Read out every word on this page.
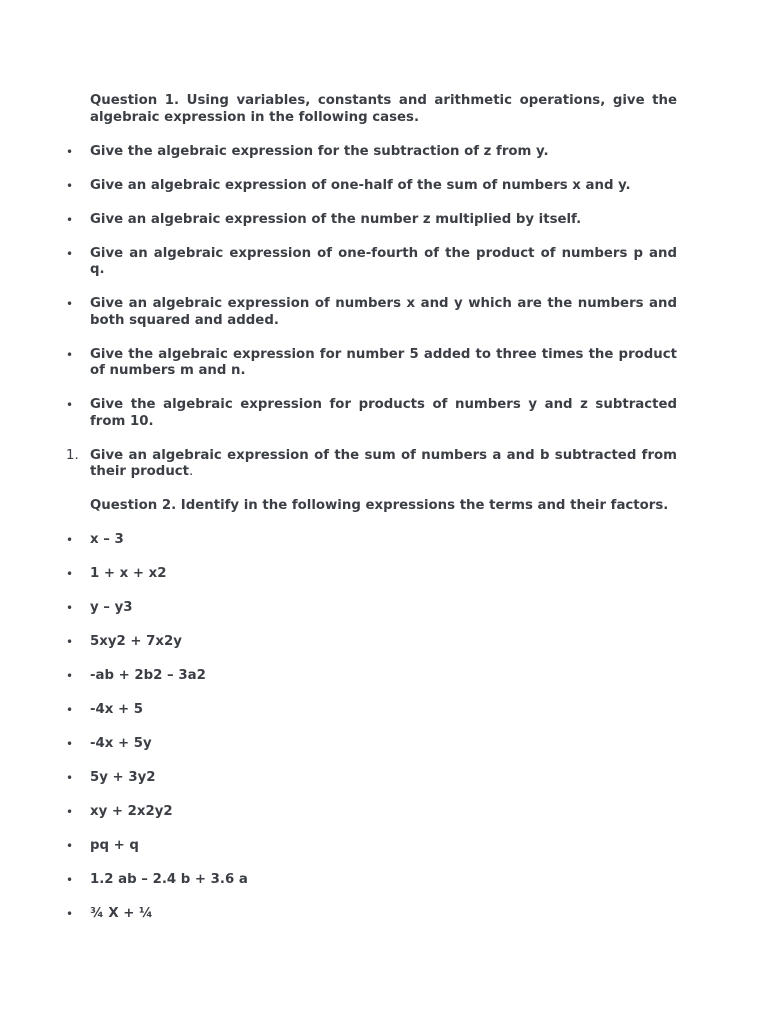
Question 1. Using variables, constants and arithmetic operations, give the algebraic expression in the following cases.

• Give the algebraic expression for the subtraction of z from y.
• Give an algebraic expression of one-half of the sum of numbers x and y.
• Give an algebraic expression of the number z multiplied by itself.
• Give an algebraic expression of one-fourth of the product of numbers p and q.
• Give an algebraic expression of numbers x and y which are the numbers and both squared and added.
• Give the algebraic expression for number 5 added to three times the product of numbers m and n.
• Give the algebraic expression for products of numbers y and z subtracted from 10.
1. Give an algebraic expression of the sum of numbers a and b subtracted from their product.

Question 2. Identify in the following expressions the terms and their factors.

• x – 3
• 1 + x + x2
• y – y3
• 5xy2 + 7x2y
• -ab + 2b2 – 3a2
• -4x + 5
• -4x + 5y
• 5y + 3y2
• xy + 2x2y2
• pq + q
• 1.2 ab – 2.4 b + 3.6 a
• ¾ X + ¼
